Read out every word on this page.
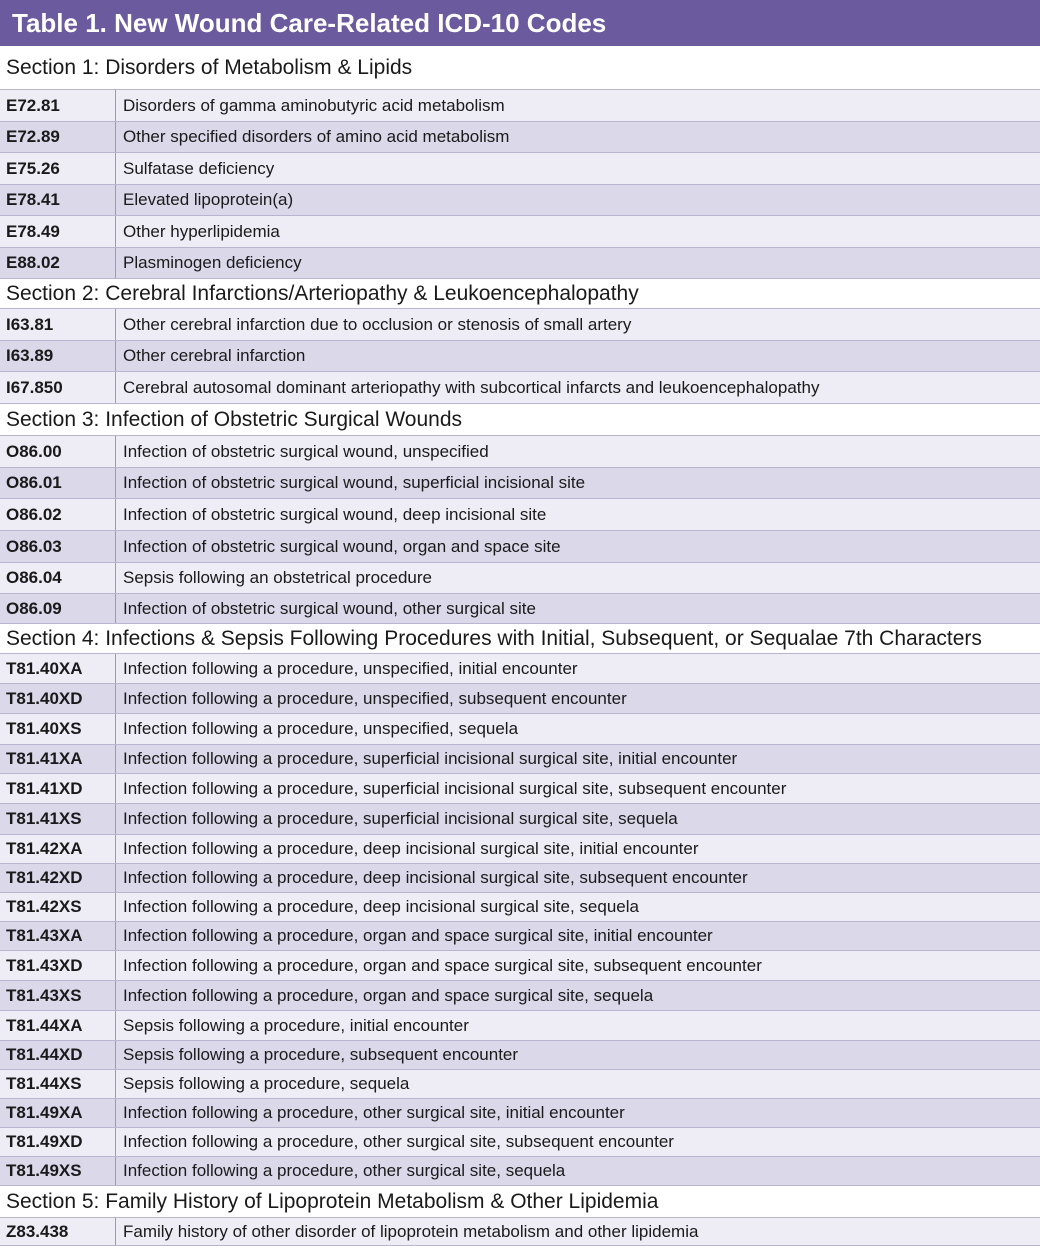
Table 1. New Wound Care-Related ICD-10 Codes
Section 1: Disorders of Metabolism & Lipids
E72.81	Disorders of gamma aminobutyric acid metabolism
E72.89	Other specified disorders of amino acid metabolism
E75.26	Sulfatase deficiency
E78.41	Elevated lipoprotein(a)
E78.49	Other hyperlipidemia
E88.02	Plasminogen deficiency
Section 2: Cerebral Infarctions/Arteriopathy & Leukoencephalopathy
I63.81	Other cerebral infarction due to occlusion or stenosis of small artery
I63.89	Other cerebral infarction
I67.850	Cerebral autosomal dominant arteriopathy with subcortical infarcts and leukoencephalopathy
Section 3: Infection of Obstetric Surgical Wounds
O86.00	Infection of obstetric surgical wound, unspecified
O86.01	Infection of obstetric surgical wound, superficial incisional site
O86.02	Infection of obstetric surgical wound, deep incisional site
O86.03	Infection of obstetric surgical wound, organ and space site
O86.04	Sepsis following an obstetrical procedure
O86.09	Infection of obstetric surgical wound, other surgical site
Section 4: Infections & Sepsis Following Procedures with Initial, Subsequent, or Sequalae 7th Characters
T81.40XA	Infection following a procedure, unspecified, initial encounter
T81.40XD	Infection following a procedure, unspecified, subsequent encounter
T81.40XS	Infection following a procedure, unspecified, sequela
T81.41XA	Infection following a procedure, superficial incisional surgical site, initial encounter
T81.41XD	Infection following a procedure, superficial incisional surgical site, subsequent encounter
T81.41XS	Infection following a procedure, superficial incisional surgical site, sequela
T81.42XA	Infection following a procedure, deep incisional surgical site, initial encounter
T81.42XD	Infection following a procedure, deep incisional surgical site, subsequent encounter
T81.42XS	Infection following a procedure, deep incisional surgical site, sequela
T81.43XA	Infection following a procedure, organ and space surgical site, initial encounter
T81.43XD	Infection following a procedure, organ and space surgical site, subsequent encounter
T81.43XS	Infection following a procedure, organ and space surgical site, sequela
T81.44XA	Sepsis following a procedure, initial encounter
T81.44XD	Sepsis following a procedure, subsequent encounter
T81.44XS	Sepsis following a procedure, sequela
T81.49XA	Infection following a procedure, other surgical site, initial encounter
T81.49XD	Infection following a procedure, other surgical site, subsequent encounter
T81.49XS	Infection following a procedure, other surgical site, sequela
Section 5: Family History of Lipoprotein Metabolism & Other Lipidemia
Z83.438	Family history of other disorder of lipoprotein metabolism and other lipidemia
